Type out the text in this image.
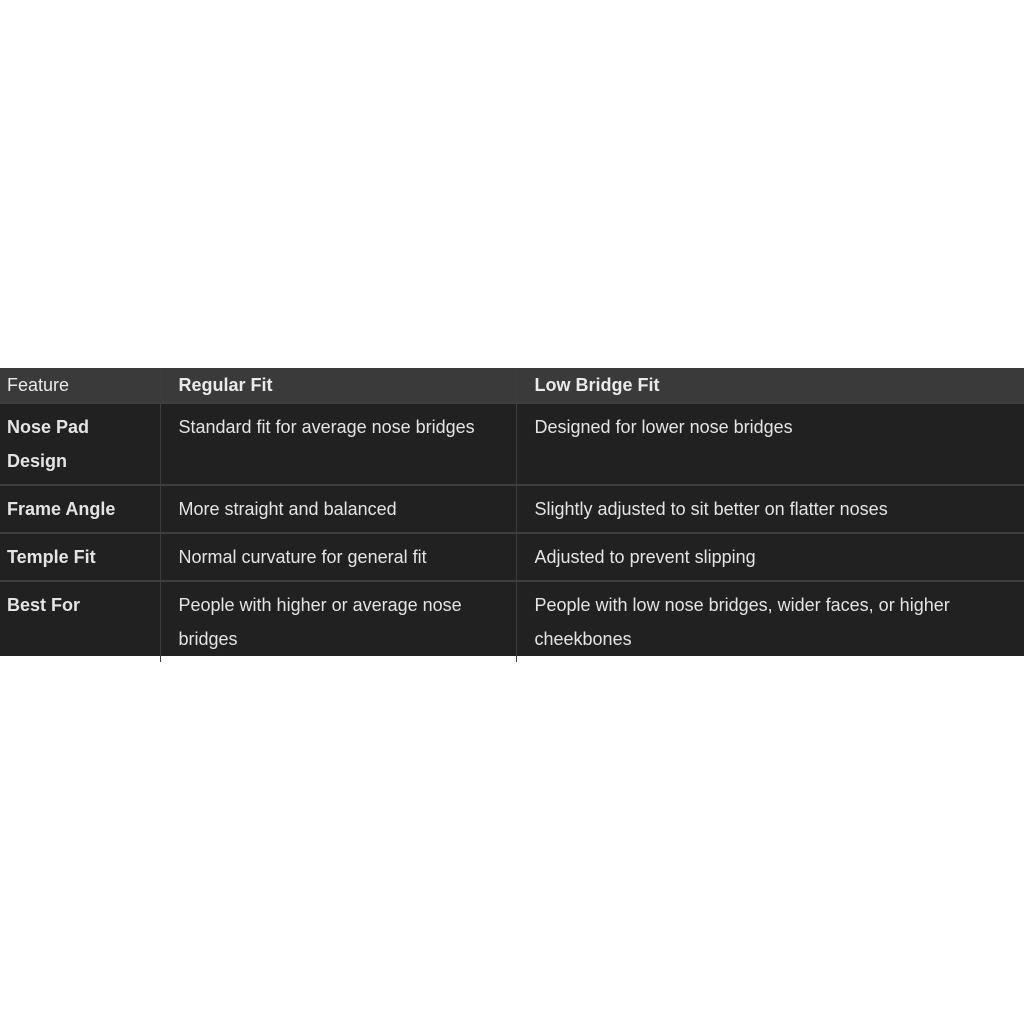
Feature	Regular Fit	Low Bridge Fit
Nose Pad Design	Standard fit for average nose bridges	Designed for lower nose bridges
Frame Angle	More straight and balanced	Slightly adjusted to sit better on flatter noses
Temple Fit	Normal curvature for general fit	Adjusted to prevent slipping
Best For	People with higher or average nose bridges	People with low nose bridges, wider faces, or higher cheekbones
